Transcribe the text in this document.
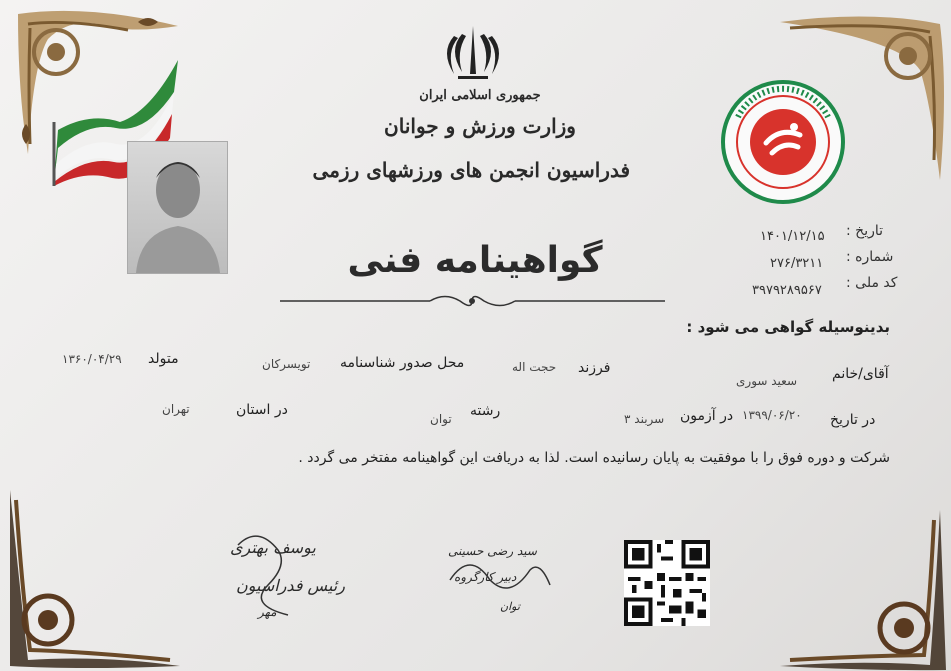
جمهوری اسلامی ایران
وزارت ورزش و جوانان
فدراسیون انجمن های ورزشهای رزمی
گواهینامه فنی
تاریخ :
۱۴۰۱/۱۲/۱۵
شماره :
۲۷۶/۳۲۱۱
کد ملی :
۳۹۷۹۲۸۹۵۶۷
بدینوسیله گواهی می شود :
آقای/خانم
سعید سوری
فرزند
حجت اله
محل صدور شناسنامه
تویسرکان
متولد
۱۳۶۰/۰۴/۲۹
در استان
تهران	رشته
توان	در تاریخ
۱۳۹۹/۰۶/۲۰
در آزمون
سربند ۳
شرکت و دوره فوق را با موفقیت به پایان رسانیده است. لذا به دریافت این گواهینامه مفتخر می گردد .
یوسف بهتری
رئیس فدراسیون
مهر
سید رضی حسینی
دبیر کارگروه
توان
